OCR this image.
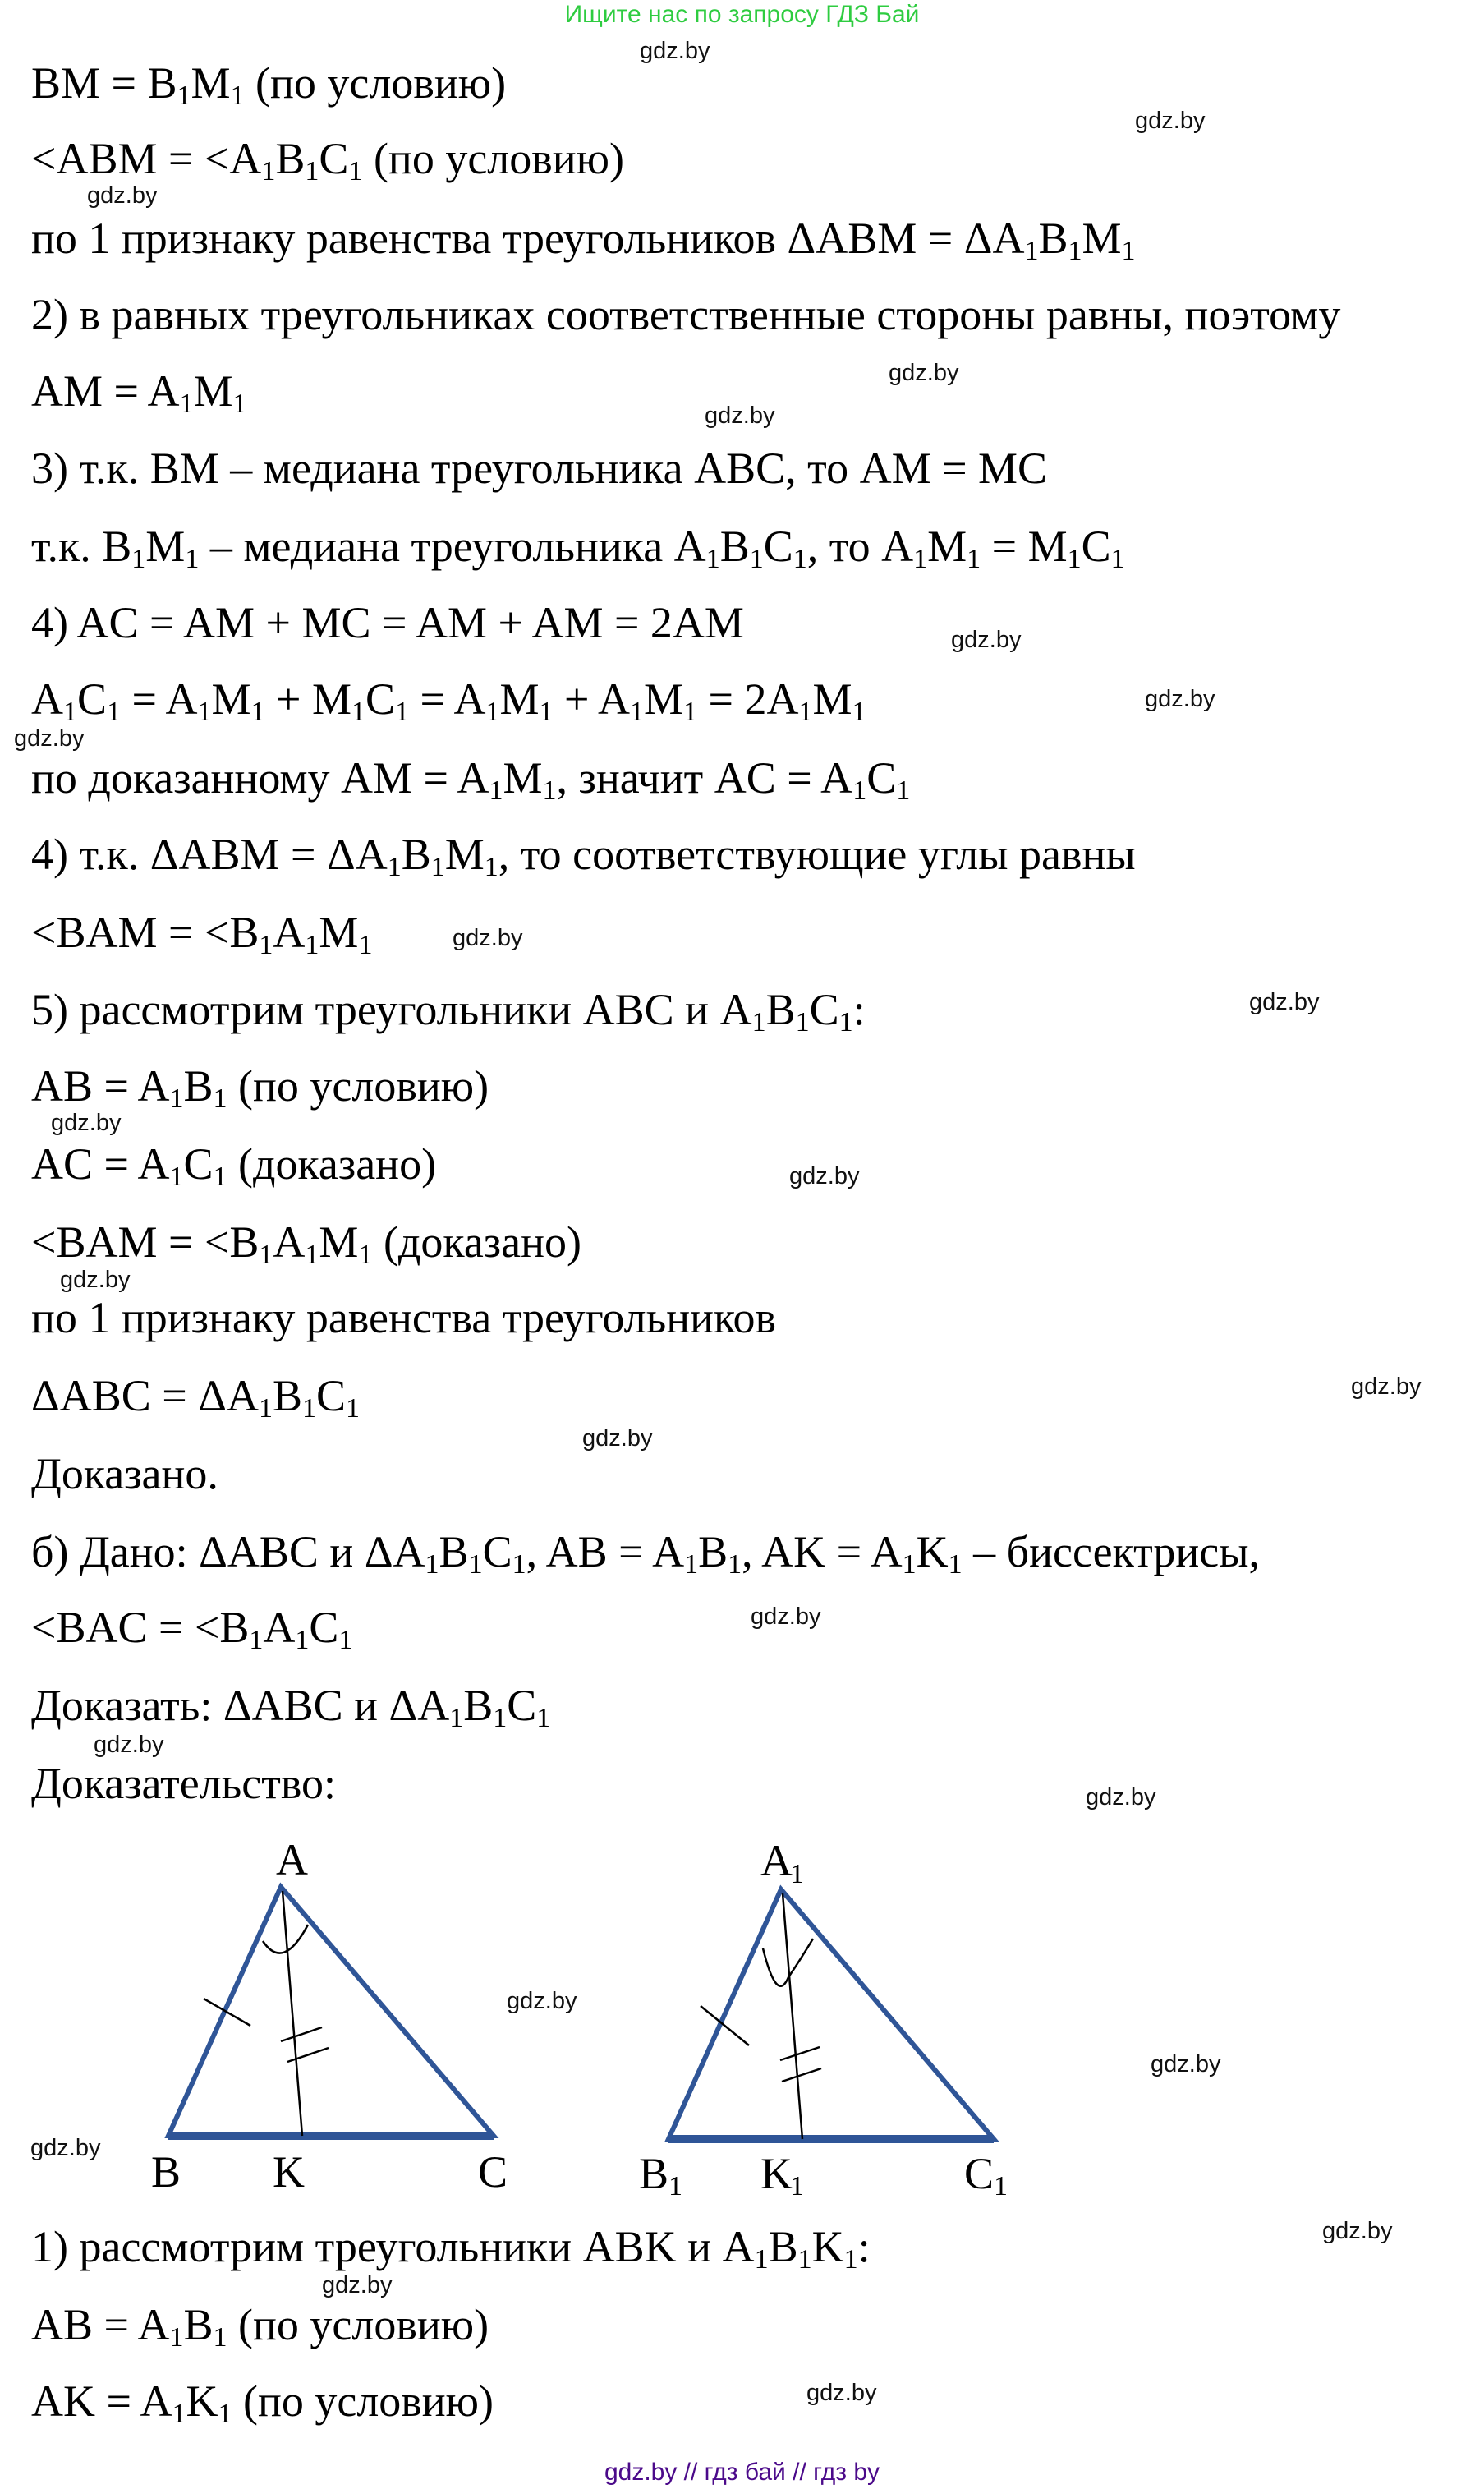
Ищите нас по запросу ГДЗ Бай
BM = $B_1M_1$ (по условию)
$<ABM = <A_1B_1C_1$ (по условию)
по 1 признаку равенства треугольников $\Delta ABM = \Delta A_1B_1M_1$
2) в равных треугольниках соответственные стороны равны, поэтому
AM = $A_1M_1$
3) т.к. BM – медиана треугольника ABC, то AM = MC
т.к. $B_1M_1$ – медиана треугольника $A_1B_1C_1$, то $A_1M_1 = M_1C_1$
4) AC = AM + MC = AM + AM = 2AM
$A_1C_1 = A_1M_1 + M_1C_1 = A_1M_1 + A_1M_1 = 2A_1M_1$
по доказанному AM = $A_1M_1$, значит AC = $A_1C_1$
4) т.к. $\Delta ABM = \Delta A_1B_1M_1$, то соответствующие углы равны
$<BAM = <B_1A_1M_1$
5) рассмотрим треугольники ABC и $A_1B_1C_1$:
AB = $A_1B_1$ (по условию)
AC = $A_1C_1$ (доказано)
$<BAM = <B_1A_1M_1$ (доказано)
по 1 признаку равенства треугольников
$\Delta ABC = \Delta A_1B_1C_1$
Доказано.
б) Дано: ΔABC и $\Delta A_1B_1C_1$, AB = $A_1B_1$, AK = $A_1K_1$ – биссектрисы,
$<BAC = <B_1A_1C_1$
Доказать: ΔABC и $\Delta A_1B_1C_1$
Доказательство:
1) рассмотрим треугольники ABK и $A_1B_1K_1$:
AB = $A_1B_1$ (по условию)
AK = $A_1K_1$ (по условию)
gdz.by
gdz.by
gdz.by
gdz.by
gdz.by
gdz.by
gdz.by
gdz.by
gdz.by
gdz.by
gdz.by
gdz.by
gdz.by
gdz.by
gdz.by
gdz.by
gdz.by
gdz.by
gdz.by
gdz.by
gdz.by
gdz.by
gdz.by
gdz.by
A
B K	C
A
1
B 1 K
1	C 1
gdz.by // гдз бай // гдз by
